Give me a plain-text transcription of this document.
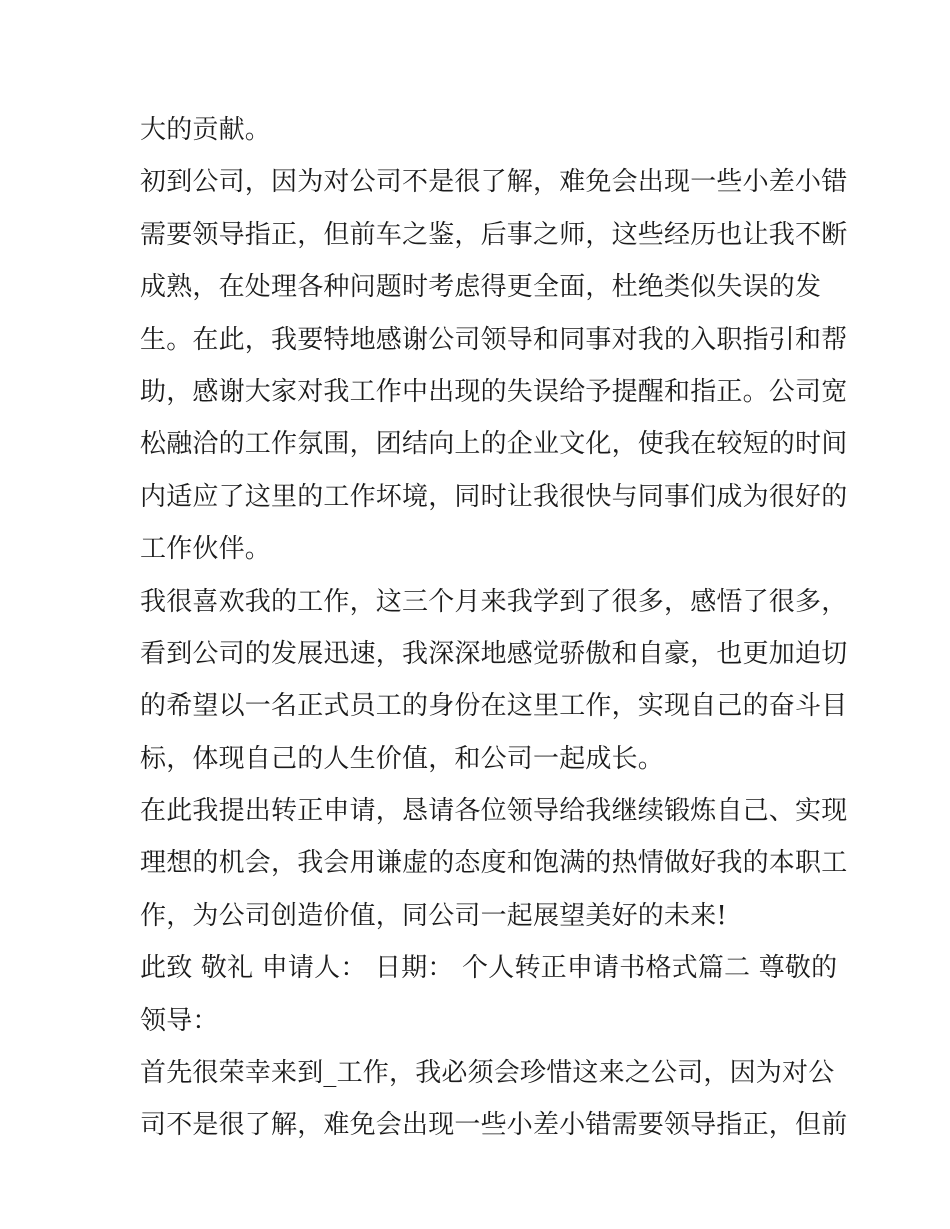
大的贡献。
初到公司，因为对公司不是很了解，难免会出现一些小差小错
需要领导指正，但前车之鉴，后事之师，这些经历也让我不断
成熟，在处理各种问题时考虑得更全面，杜绝类似失误的发
生。在此，我要特地感谢公司领导和同事对我的入职指引和帮
助，感谢大家对我工作中出现的失误给予提醒和指正。公司宽
松融洽的工作氛围，团结向上的企业文化，使我在较短的时间
内适应了这里的工作坏境，同时让我很快与同事们成为很好的
工作伙伴。
我很喜欢我的工作，这三个月来我学到了很多，感悟了很多，
看到公司的发展迅速，我深深地感觉骄傲和自豪，也更加迫切
的希望以一名正式员工的身份在这里工作，实现自己的奋斗目
标，体现自己的人生价值，和公司一起成长。
在此我提出转正申请，恳请各位领导给我继续锻炼自己、实现
理想的机会，我会用谦虚的态度和饱满的热情做好我的本职工
作，为公司创造价值，同公司一起展望美好的未来!
此致 敬礼 申请人： 日期： 个人转正申请书格式篇二 尊敬的
领导：
首先很荣幸来到_工作，我必须会珍惜这来之公司，因为对公
司不是很了解，难免会出现一些小差小错需要领导指正，但前
